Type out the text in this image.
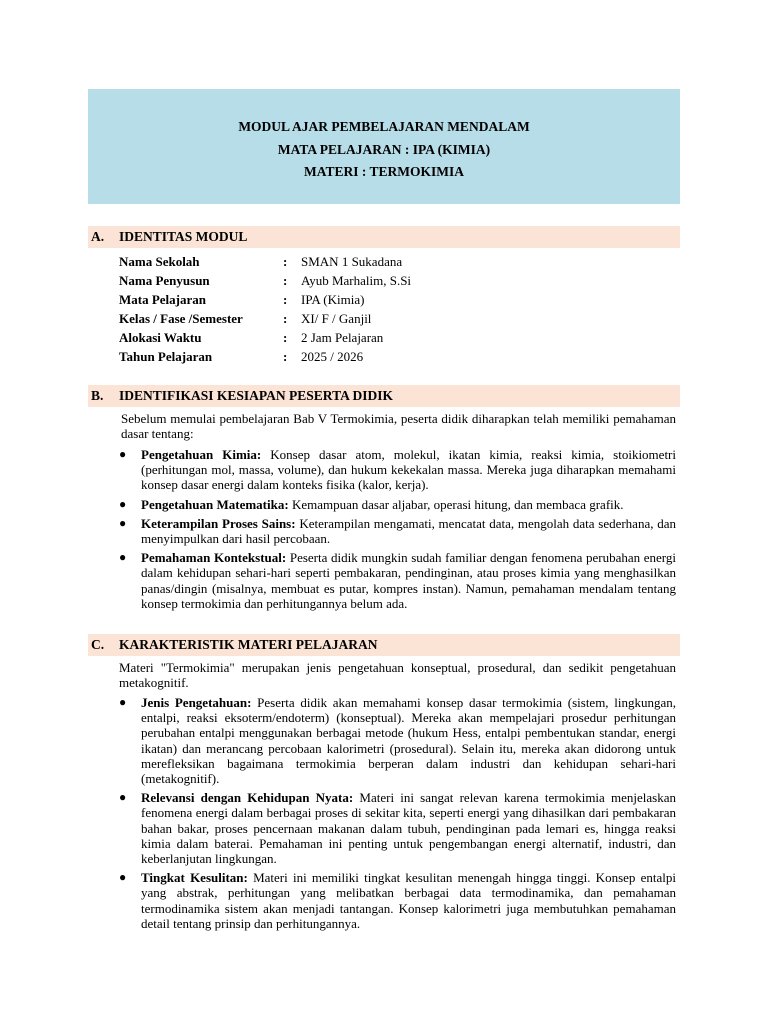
MODUL AJAR PEMBELAJARAN MENDALAM
MATA PELAJARAN : IPA (KIMIA)
MATERI : TERMOKIMIA
A. IDENTITAS MODUL
Nama Sekolah	: SMAN 1 Sukadana
Nama Penyusun	: Ayub Marhalim, S.Si
Mata Pelajaran	: IPA (Kimia)
Kelas / Fase /Semester	: XI/ F / Ganjil
Alokasi Waktu	: 2 Jam Pelajaran
Tahun Pelajaran	: 2025 / 2026
B. IDENTIFIKASI KESIAPAN PESERTA DIDIK

Sebelum memulai pembelajaran Bab V Termokimia, peserta didik diharapkan telah memiliki pemahaman dasar tentang:

● Pengetahuan Kimia: Konsep dasar atom, molekul, ikatan kimia, reaksi kimia, stoikiometri (perhitungan mol, massa, volume), dan hukum kekekalan massa. Mereka juga diharapkan memahami konsep dasar energi dalam konteks fisika (kalor, kerja).
● Pengetahuan Matematika: Kemampuan dasar aljabar, operasi hitung, dan membaca grafik.
● Keterampilan Proses Sains: Keterampilan mengamati, mencatat data, mengolah data sederhana, dan menyimpulkan dari hasil percobaan.
● Pemahaman Kontekstual: Peserta didik mungkin sudah familiar dengan fenomena perubahan energi dalam kehidupan sehari-hari seperti pembakaran, pendinginan, atau proses kimia yang menghasilkan panas/dingin (misalnya, membuat es putar, kompres instan). Namun, pemahaman mendalam tentang konsep termokimia dan perhitungannya belum ada.
C. KARAKTERISTIK MATERI PELAJARAN

Materi "Termokimia" merupakan jenis pengetahuan konseptual, prosedural, dan sedikit pengetahuan metakognitif.

● Jenis Pengetahuan: Peserta didik akan memahami konsep dasar termokimia (sistem, lingkungan, entalpi, reaksi eksoterm/endoterm) (konseptual). Mereka akan mempelajari prosedur perhitungan perubahan entalpi menggunakan berbagai metode (hukum Hess, entalpi pembentukan standar, energi ikatan) dan merancang percobaan kalorimetri (prosedural). Selain itu, mereka akan didorong untuk merefleksikan bagaimana termokimia berperan dalam industri dan kehidupan sehari-hari (metakognitif).
● Relevansi dengan Kehidupan Nyata: Materi ini sangat relevan karena termokimia menjelaskan fenomena energi dalam berbagai proses di sekitar kita, seperti energi yang dihasilkan dari pembakaran bahan bakar, proses pencernaan makanan dalam tubuh, pendinginan pada lemari es, hingga reaksi kimia dalam baterai. Pemahaman ini penting untuk pengembangan energi alternatif, industri, dan keberlanjutan lingkungan.
● Tingkat Kesulitan: Materi ini memiliki tingkat kesulitan menengah hingga tinggi. Konsep entalpi yang abstrak, perhitungan yang melibatkan berbagai data termodinamika, dan pemahaman termodinamika sistem akan menjadi tantangan. Konsep kalorimetri juga membutuhkan pemahaman detail tentang prinsip dan perhitungannya.
